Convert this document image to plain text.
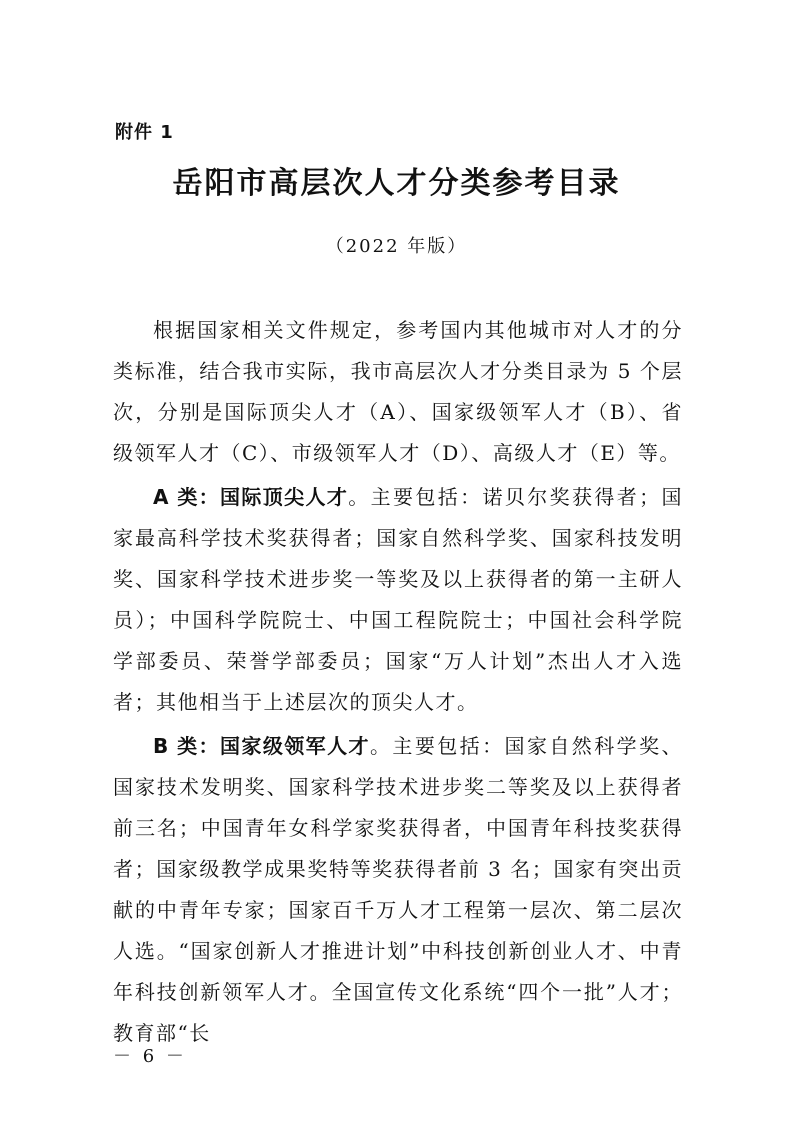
附件 1
岳阳市高层次人才分类参考目录
（2022 年版）

根据国家相关文件规定，参考国内其他城市对人才的分类标准，结合我市实际，我市高层次人才分类目录为 5 个层次，分别是国际顶尖人才（A）、国家级领军人才（B）、省级领军人才（C）、市级领军人才（D）、高级人才（E）等。

A 类：国际顶尖人才。主要包括：诺贝尔奖获得者；国家最高科学技术奖获得者；国家自然科学奖、国家科技发明奖、国家科学技术进步奖一等奖及以上获得者的第一主研人员）；中国科学院院士、中国工程院院士；中国社会科学院学部委员、荣誉学部委员；国家“万人计划”杰出人才入选者；其他相当于上述层次的顶尖人才。

B 类：国家级领军人才。主要包括：国家自然科学奖、国家技术发明奖、国家科学技术进步奖二等奖及以上获得者前三名；中国青年女科学家奖获得者，中国青年科技奖获得者；国家级教学成果奖特等奖获得者前 3 名；国家有突出贡献的中青年专家；国家百千万人才工程第一层次、第二层次人选。“国家创新人才推进计划”中科技创新创业人才、中青年科技创新领军人才。全国宣传文化系统“四个一批”人才；教育部“长

－ 6 －
